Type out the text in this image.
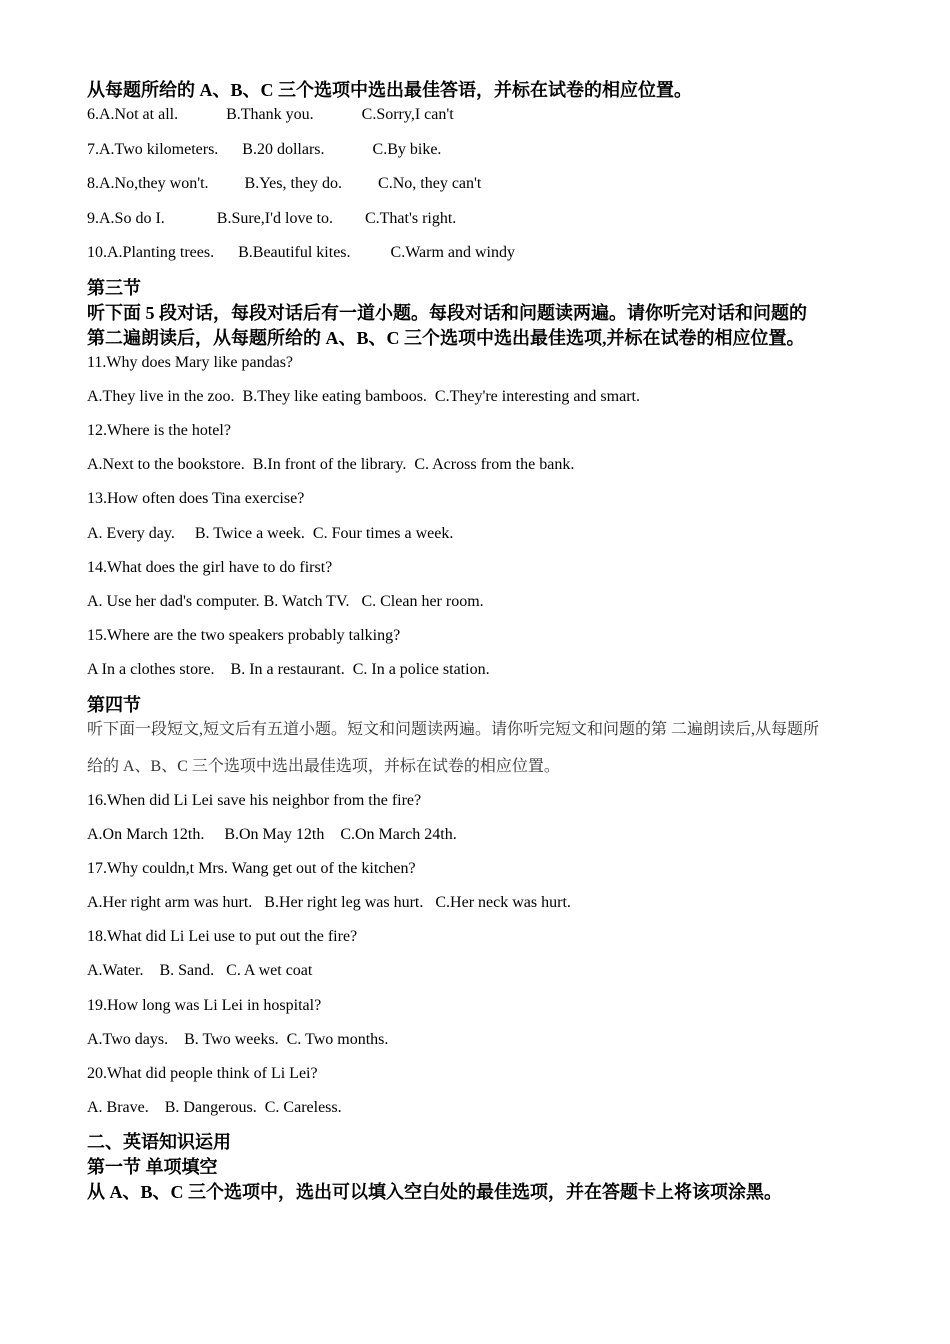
从每题所给的 A、B、C 三个选项中选出最佳答语，并标在试卷的相应位置。
6.A.Not at all.            B.Thank you.            C.Sorry,I can't
7.A.Two kilometers.      B.20 dollars.            C.By bike.
8.A.No,they won't.         B.Yes, they do.         C.No, they can't
9.A.So do I.             B.Sure,I'd love to.        C.That's right.
10.A.Planting trees.      B.Beautiful kites.          C.Warm and windy
第三节
听下面 5 段对话，每段对话后有一道小题。每段对话和问题读两遍。请你听完对话和问题的
第二遍朗读后，从每题所给的 A、B、C 三个选项中选出最佳选项,并标在试卷的相应位置。
11.Why does Mary like pandas?
A.They live in the zoo.  B.They like eating bamboos.  C.They're interesting and smart.
12.Where is the hotel?
A.Next to the bookstore.  B.In front of the library.  C. Across from the bank.
13.How often does Tina exercise?
A. Every day.     B. Twice a week.  C. Four times a week.
14.What does the girl have to do first?
A. Use her dad's computer. B. Watch TV.   C. Clean her room.
15.Where are the two speakers probably talking?
A In a clothes store.    B. In a restaurant.  C. In a police station.
第四节
听下面一段短文,短文后有五道小题。短文和问题读两遍。请你听完短文和问题的第 二遍朗读后,从每题所
给的 A、B、C 三个选项中选出最佳选项，并标在试卷的相应位置。
16.When did Li Lei save his neighbor from the fire?
A.On March 12th.     B.On May 12th    C.On March 24th.
17.Why couldn,t Mrs. Wang get out of the kitchen?
A.Her right arm was hurt.   B.Her right leg was hurt.   C.Her neck was hurt.
18.What did Li Lei use to put out the fire?
A.Water.    B. Sand.   C. A wet coat
19.How long was Li Lei in hospital?
A.Two days.    B. Two weeks.  C. Two months.
20.What did people think of Li Lei?
A. Brave.    B. Dangerous.  C. Careless.
二、英语知识运用
第一节 单项填空
从 A、B、C 三个选项中，选出可以填入空白处的最佳选项，并在答题卡上将该项涂黑。
